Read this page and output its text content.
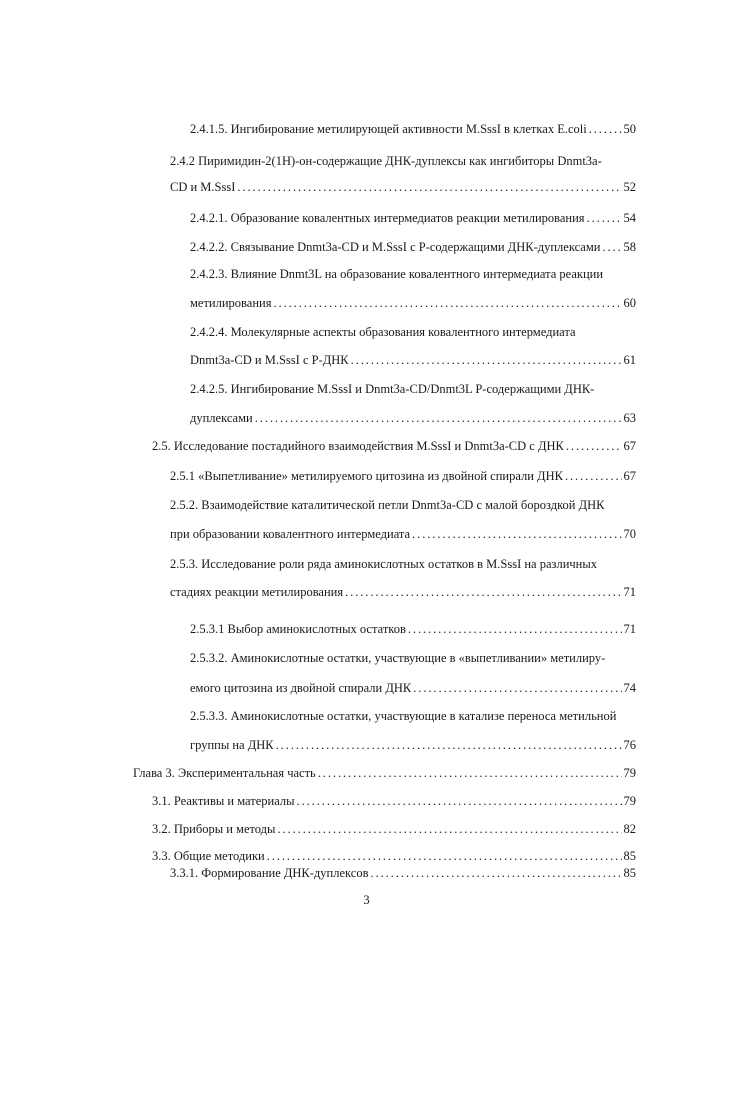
2.4.1.5. Ингибирование метилирующей активности M.SssI в клетках E.coli . . .	50
2.4.2 Пиримидин-2(1H)-он-содержащие ДНК-дуплексы как ингибиторы Dnmt3a-
CD и M.SssI . . .	52
2.4.2.1. Образование ковалентных интермедиатов реакции метилирования . . .	54
2.4.2.2. Связывание Dnmt3a-CD и M.SssI с P-содержащими ДНК-дуплексами . . . 58
2.4.2.3. Влияние Dnmt3L на образование ковалентного интермедиата реакции
метилирования . . .	60
2.4.2.4. Молекулярные аспекты образования ковалентного интермедиата
Dnmt3a-CD и M.SssI с P-ДНК . . .	61
2.4.2.5. Ингибирование M.SssI и Dnmt3a-CD/Dnmt3L P-содержащими ДНК-
дуплексами . . .	63
2.5. Исследование постадийного взаимодействия M.SssI и Dnmt3a-CD с ДНК . . .	67
2.5.1 «Выпетливание» метилируемого цитозина из двойной спирали ДНК . . .	67
2.5.2. Взаимодействие каталитической петли Dnmt3a-CD с малой бороздкой ДНК
при образовании ковалентного интермедиата . . .	70
2.5.3. Исследование роли ряда аминокислотных остатков в M.SssI на различных
стадиях реакции метилирования . . .	71
2.5.3.1 Выбор аминокислотных остатков . . .	71
2.5.3.2. Аминокислотные остатки, участвующие в «выпетливании» метилиру-
емого цитозина из двойной спирали ДНК . . .	74
2.5.3.3. Аминокислотные остатки, участвующие в катализе переноса метильной
группы на ДНК . . .	76
Глава 3. Экспериментальная часть . . .	79
3.1. Реактивы и материалы . . .	79
3.2. Приборы и методы . . .	82
3.3. Общие методики . . .	85
3.3.1. Формирование ДНК-дуплексов . . .	85
3
